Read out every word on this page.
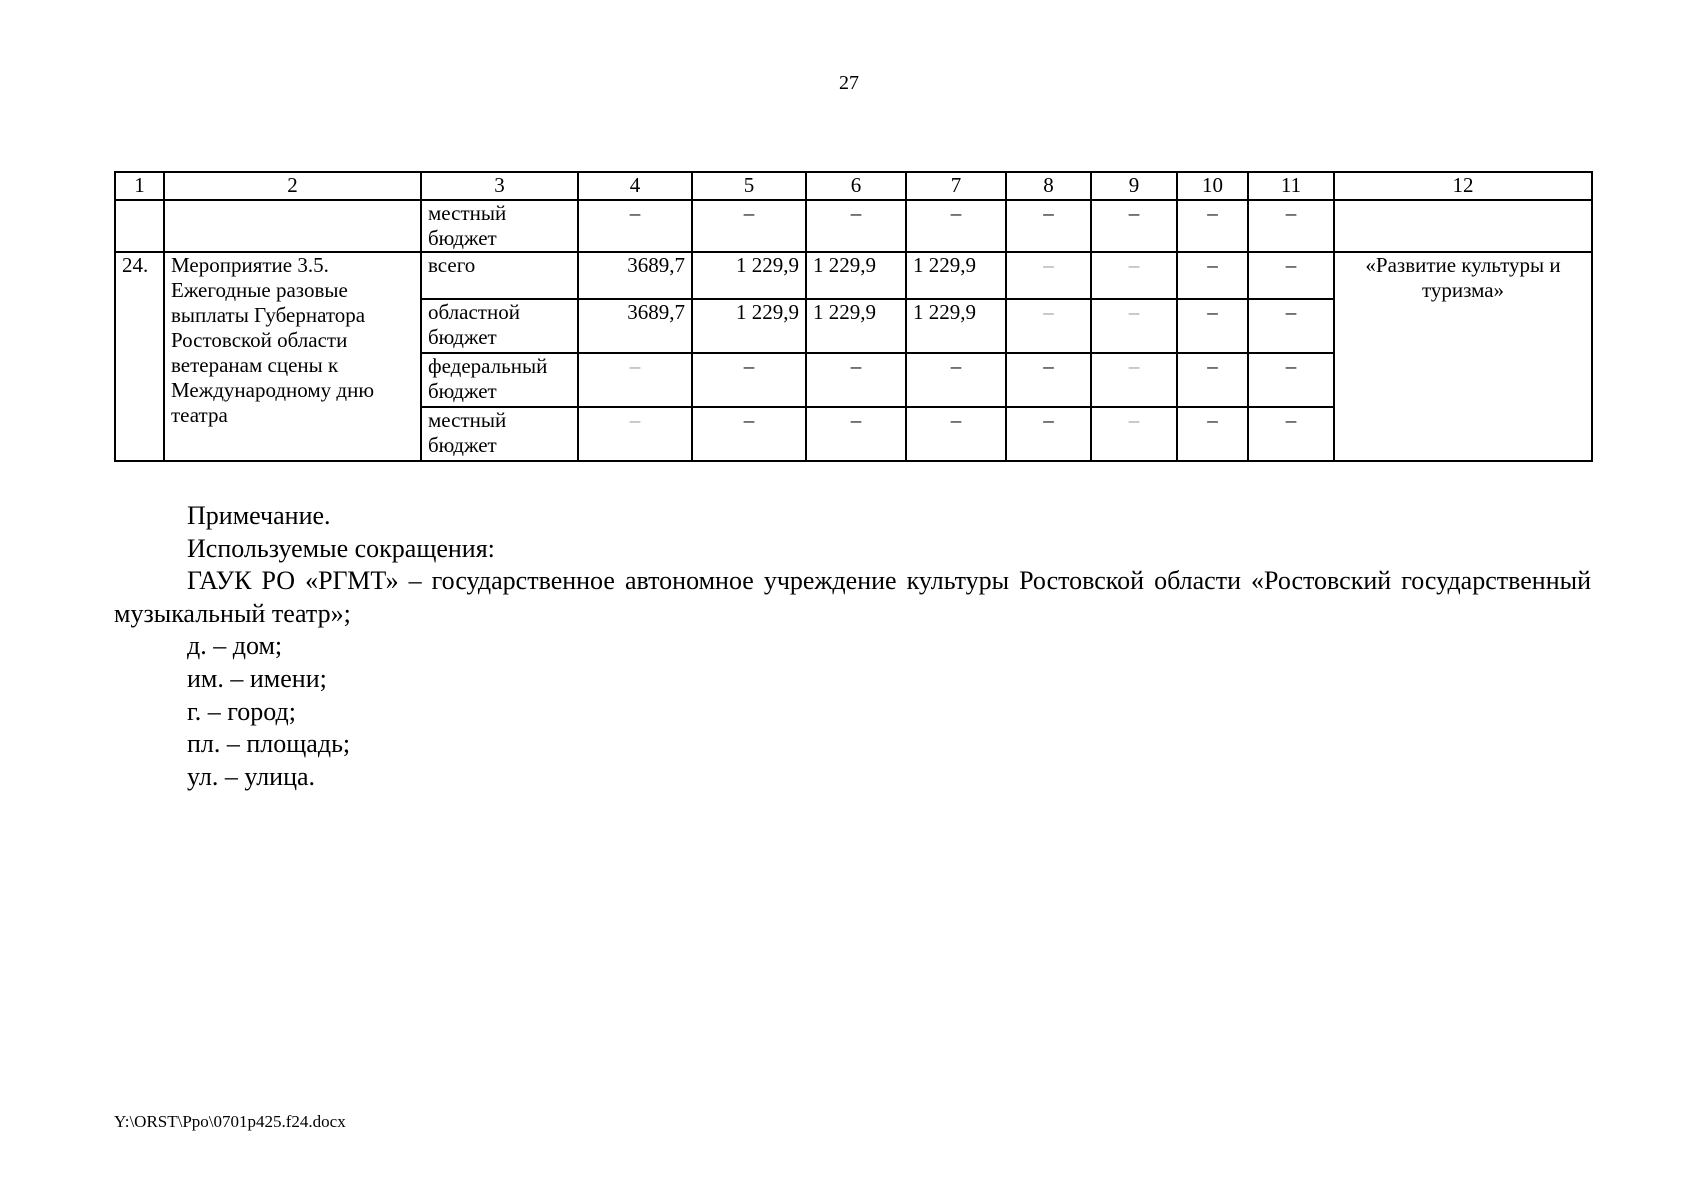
27
1	2	3	4	5	6	7	8	9	10	11	12
		местный бюджет	–	–	–	–	–	–	–	–	
24.	Мероприятие 3.5. Ежегодные разовые выплаты Губернатора Ростовской области ветеранам сцены к Международному дню театра	всего	3689,7	1 229,9	1 229,9	1 229,9	–	–	–	–	«Развитие культуры и туризма»
		областной бюджет	3689,7	1 229,9	1 229,9	1 229,9	–	–	–	–	
		федеральный бюджет	–	–	–	–	–	–	–	–	
		местный бюджет	–	–	–	–	–	–	–	–	

Примечание.

Используемые сокращения:

ГАУК РО «РГМТ» – государственное автономное учреждение культуры Ростовской области «Ростовский государственный музыкальный театр»;

д. – дом;

им. – имени;

г. – город;

пл. – площадь;

ул. – улица.

Y:\ORST\Ppo\0701p425.f24.docx
